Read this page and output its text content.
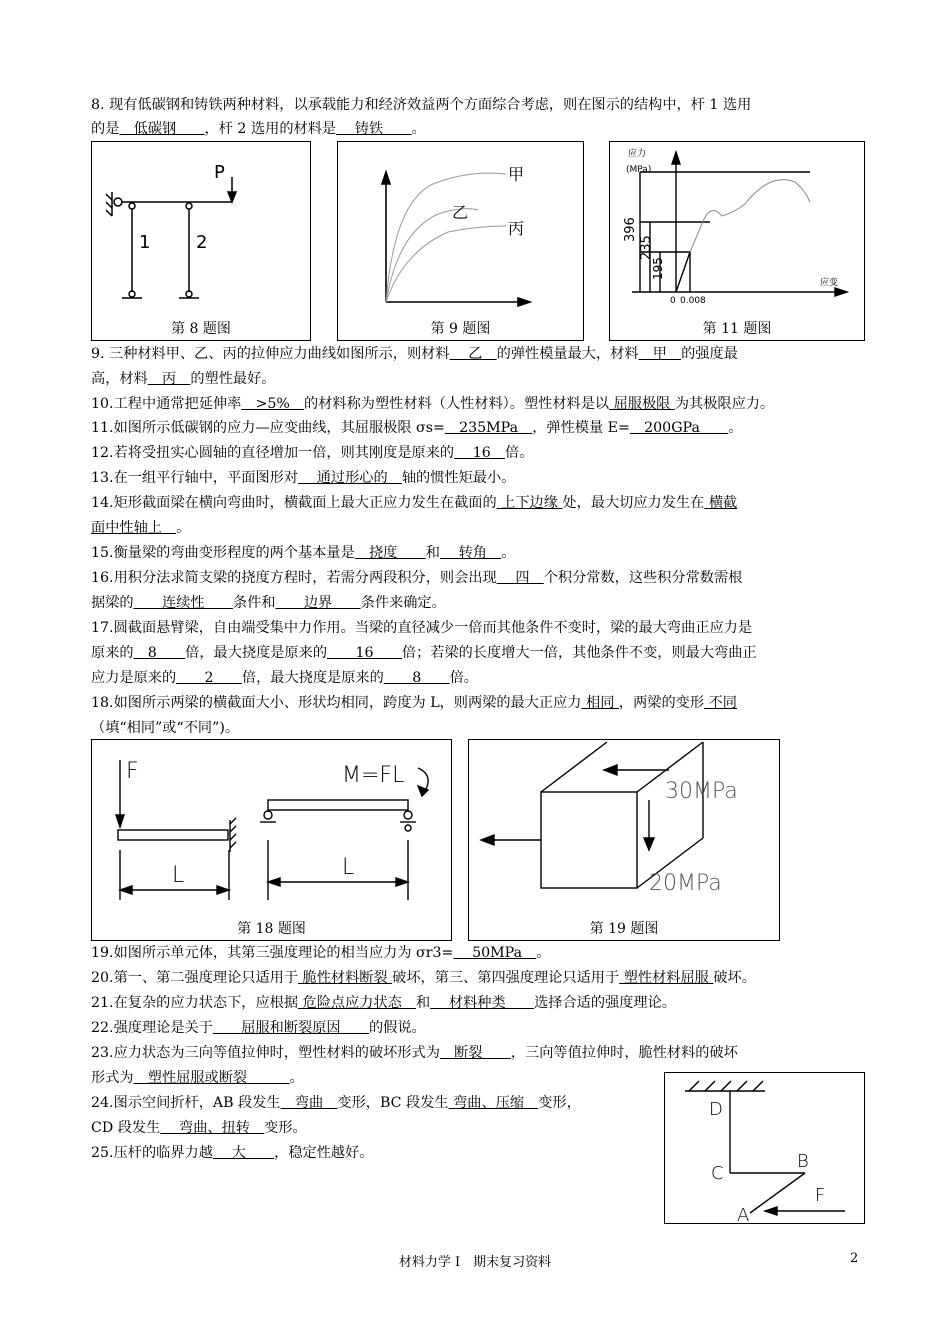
8. 现有低碳钢和铸铁两种材料，以承载能力和经济效益两个方面综合考虑，则在图示的结构中，杆 1 选用
的是　低碳钢　　，杆 2 选用的材料是　 铸铁　　。
P
1	2
第 8 题图
甲
乙
丙
第 9 题图
应力
(MPa)
396
235
195
应变
0 0.008
第 11 题图
9. 三种材料甲、乙、丙的拉伸应力曲线如图所示，则材料　 乙　的弹性模量最大，材料　甲　的强度最
高，材料　丙　的塑性最好。
10.工程中通常把延伸率　>5%　的材料称为塑性材料（人性材料）。塑性材料是以 屈服极限 为其极限应力。
11.如图所示低碳钢的应力—应变曲线，其屈服极限 σs=　235MPa　，弹性模量 E=　200GPa　　。
12.若将受扭实心圆轴的直径增加一倍，则其刚度是原来的　 16　倍。
13.在一组平行轴中，平面图形对　 通过形心的　轴的惯性矩最小。
14.矩形截面梁在横向弯曲时，横截面上最大正应力发生在截面的 上下边缘 处，最大切应力发生在 横截
面中性轴上　。
15.衡量梁的弯曲变形程度的两个基本量是　挠度　　和　 转角　。
16.用积分法求简支梁的挠度方程时，若需分两段积分，则会出现　 四　个积分常数，这些积分常数需根
据梁的　　连续性　　条件和　　边界　　条件来确定。
17.圆截面悬臂梁，自由端受集中力作用。当梁的直径减少一倍而其他条件不变时，梁的最大弯曲正应力是
原来的　8　　倍，最大挠度是原来的　　16　　倍；若梁的长度增大一倍，其他条件不变，则最大弯曲正
应力是原来的　　2　　倍，最大挠度是原来的　　8　　倍。
18.如图所示两梁的横截面大小、形状均相同，跨度为 L，则两梁的最大正应力 相同 ，两梁的变形 不同
（填“相同”或“不同”)。
F	M=FL
L	L
第 18 题图
30MPa
20MPa
第 19 题图
19.如图所示单元体，其第三强度理论的相当应力为 σr3=　 50MPa　。
20.第一、第二强度理论只适用于 脆性材料断裂 破坏，第三、第四强度理论只适用于 塑性材料屈服 破坏。
21.在复杂的应力状态下，应根据 危险点应力状态　和　 材料种类　　选择合适的强度理论。
22.强度理论是关于　　屈服和断裂原因　　的假说。
23.应力状态为三向等值拉伸时，塑性材料的破坏形式为　断裂　　，三向等值拉伸时，脆性材料的破坏
形式为　塑性屈服或断裂　　　。
24.图示空间折杆，AB 段发生　弯曲　变形，BC 段发生 弯曲、压缩　变形，
CD 段发生　 弯曲、扭转　变形。
25.压杆的临界力越　 大　　，稳定性越好。
D
C
B
A
F
材料力学 I　期末复习资料	2
